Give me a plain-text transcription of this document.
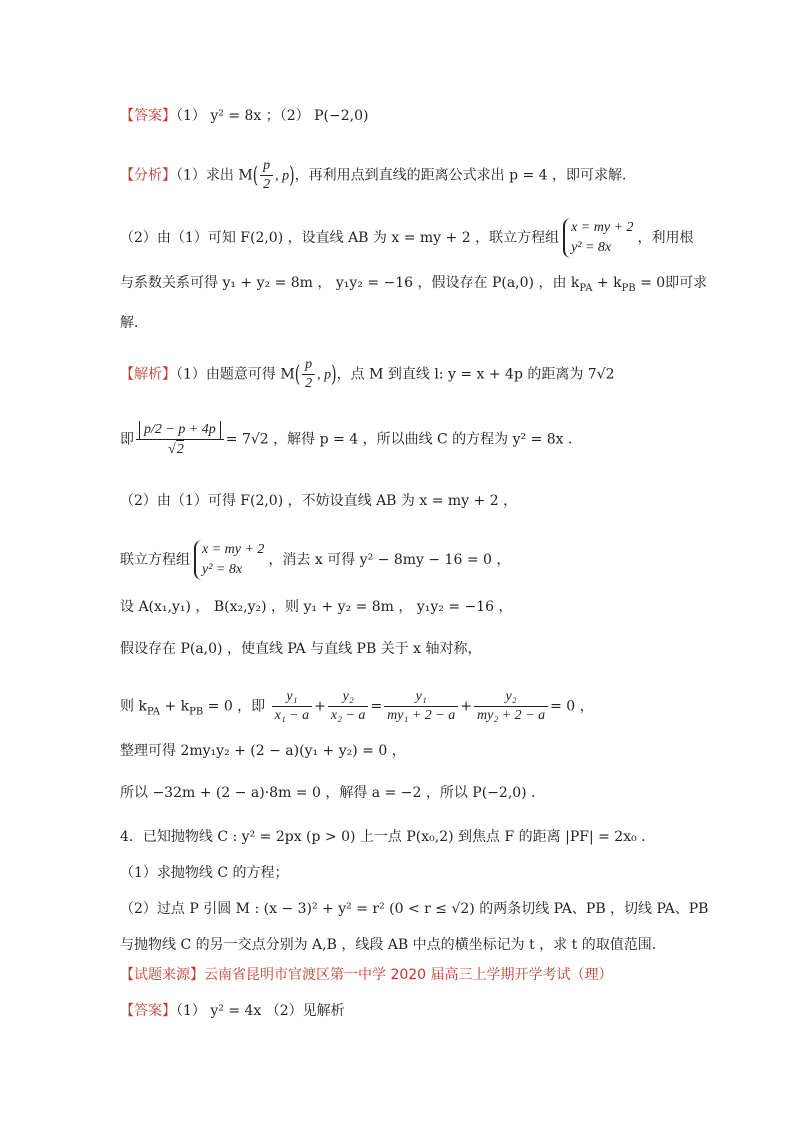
【答案】（1） y² = 8x ；（2） P(−2,0)
【分析】（1）求出 $M( \frac{p}{2}$ , p)，再利用点到直线的距离公式求出 p = 4 ，即可求解．
（2）由（1）可知 F(2,0) ，设直线 AB 为 x = my + 2 ，联立方程组
x = my + 2
y² = 8x
，利用根
与系数关系可得 y₁ + y₂ = 8m ， y₁y₂ = −16 ，假设存在 P(a,0) ，由 $k_{PA} + k_{PB} = 0$即可求
解．
【解析】（1）由题意可得 $M( \frac{p}{2}$ , p)，点 M 到直线 l: y = x + 4p 的距离为 7√2
即 p/2 − p + 4p
√ 2 = 7√2 ，解得 p = 4 ，所以曲线 C 的方程为 y² = 8x ．
（2）由（1）可得 F(2,0) ，不妨设直线 AB 为 x = my + 2 ，
联立方程组
x = my + 2
y² = 8x
，消去 x 可得 y² − 8my − 16 = 0 ，
设 A(x₁,y₁) ， B(x₂,y₂) ，则 y₁ + y₂ = 8m ， y₁y₂ = −16 ，
假设存在 P(a,0) ，使直线 PA 与直线 PB 关于 x 轴对称，
则 $k_{PA} + k_{PB} = 0$ ，即 $\frac{\text{y₁}}{\text{x₁ − a}} + \frac{\text{y₂}}{\text{x₂ − a}} = \frac{\text{y₁}}{\text{my₁ + 2 − a}} + \frac{\text{y₂}}{\text{my₂ + 2 − a}} = 0$ ，
整理可得 2my₁y₂ + (2 − a)(y₁ + y₂) = 0 ，
所以 −32m + (2 − a)·8m = 0 ，解得 a = −2 ，所以 P(−2,0) ．
4．已知抛物线 C : y² = 2px (p > 0) 上一点 P(x₀,2) 到焦点 F 的距离 |PF| = 2x₀ ．
（1）求抛物线 C 的方程；
（2）过点 P 引圆 M : (x − 3)² + y² = r² (0 < r ≤ √2) 的两条切线 PA、PB ，切线 PA、PB
与抛物线 C 的另一交点分别为 A,B ，线段 AB 中点的横坐标记为 t ，求 t 的取值范围．
【试题来源】云南省昆明市官渡区第一中学 2020 届高三上学期开学考试（理）
【答案】（1） y² = 4x （2）见解析
